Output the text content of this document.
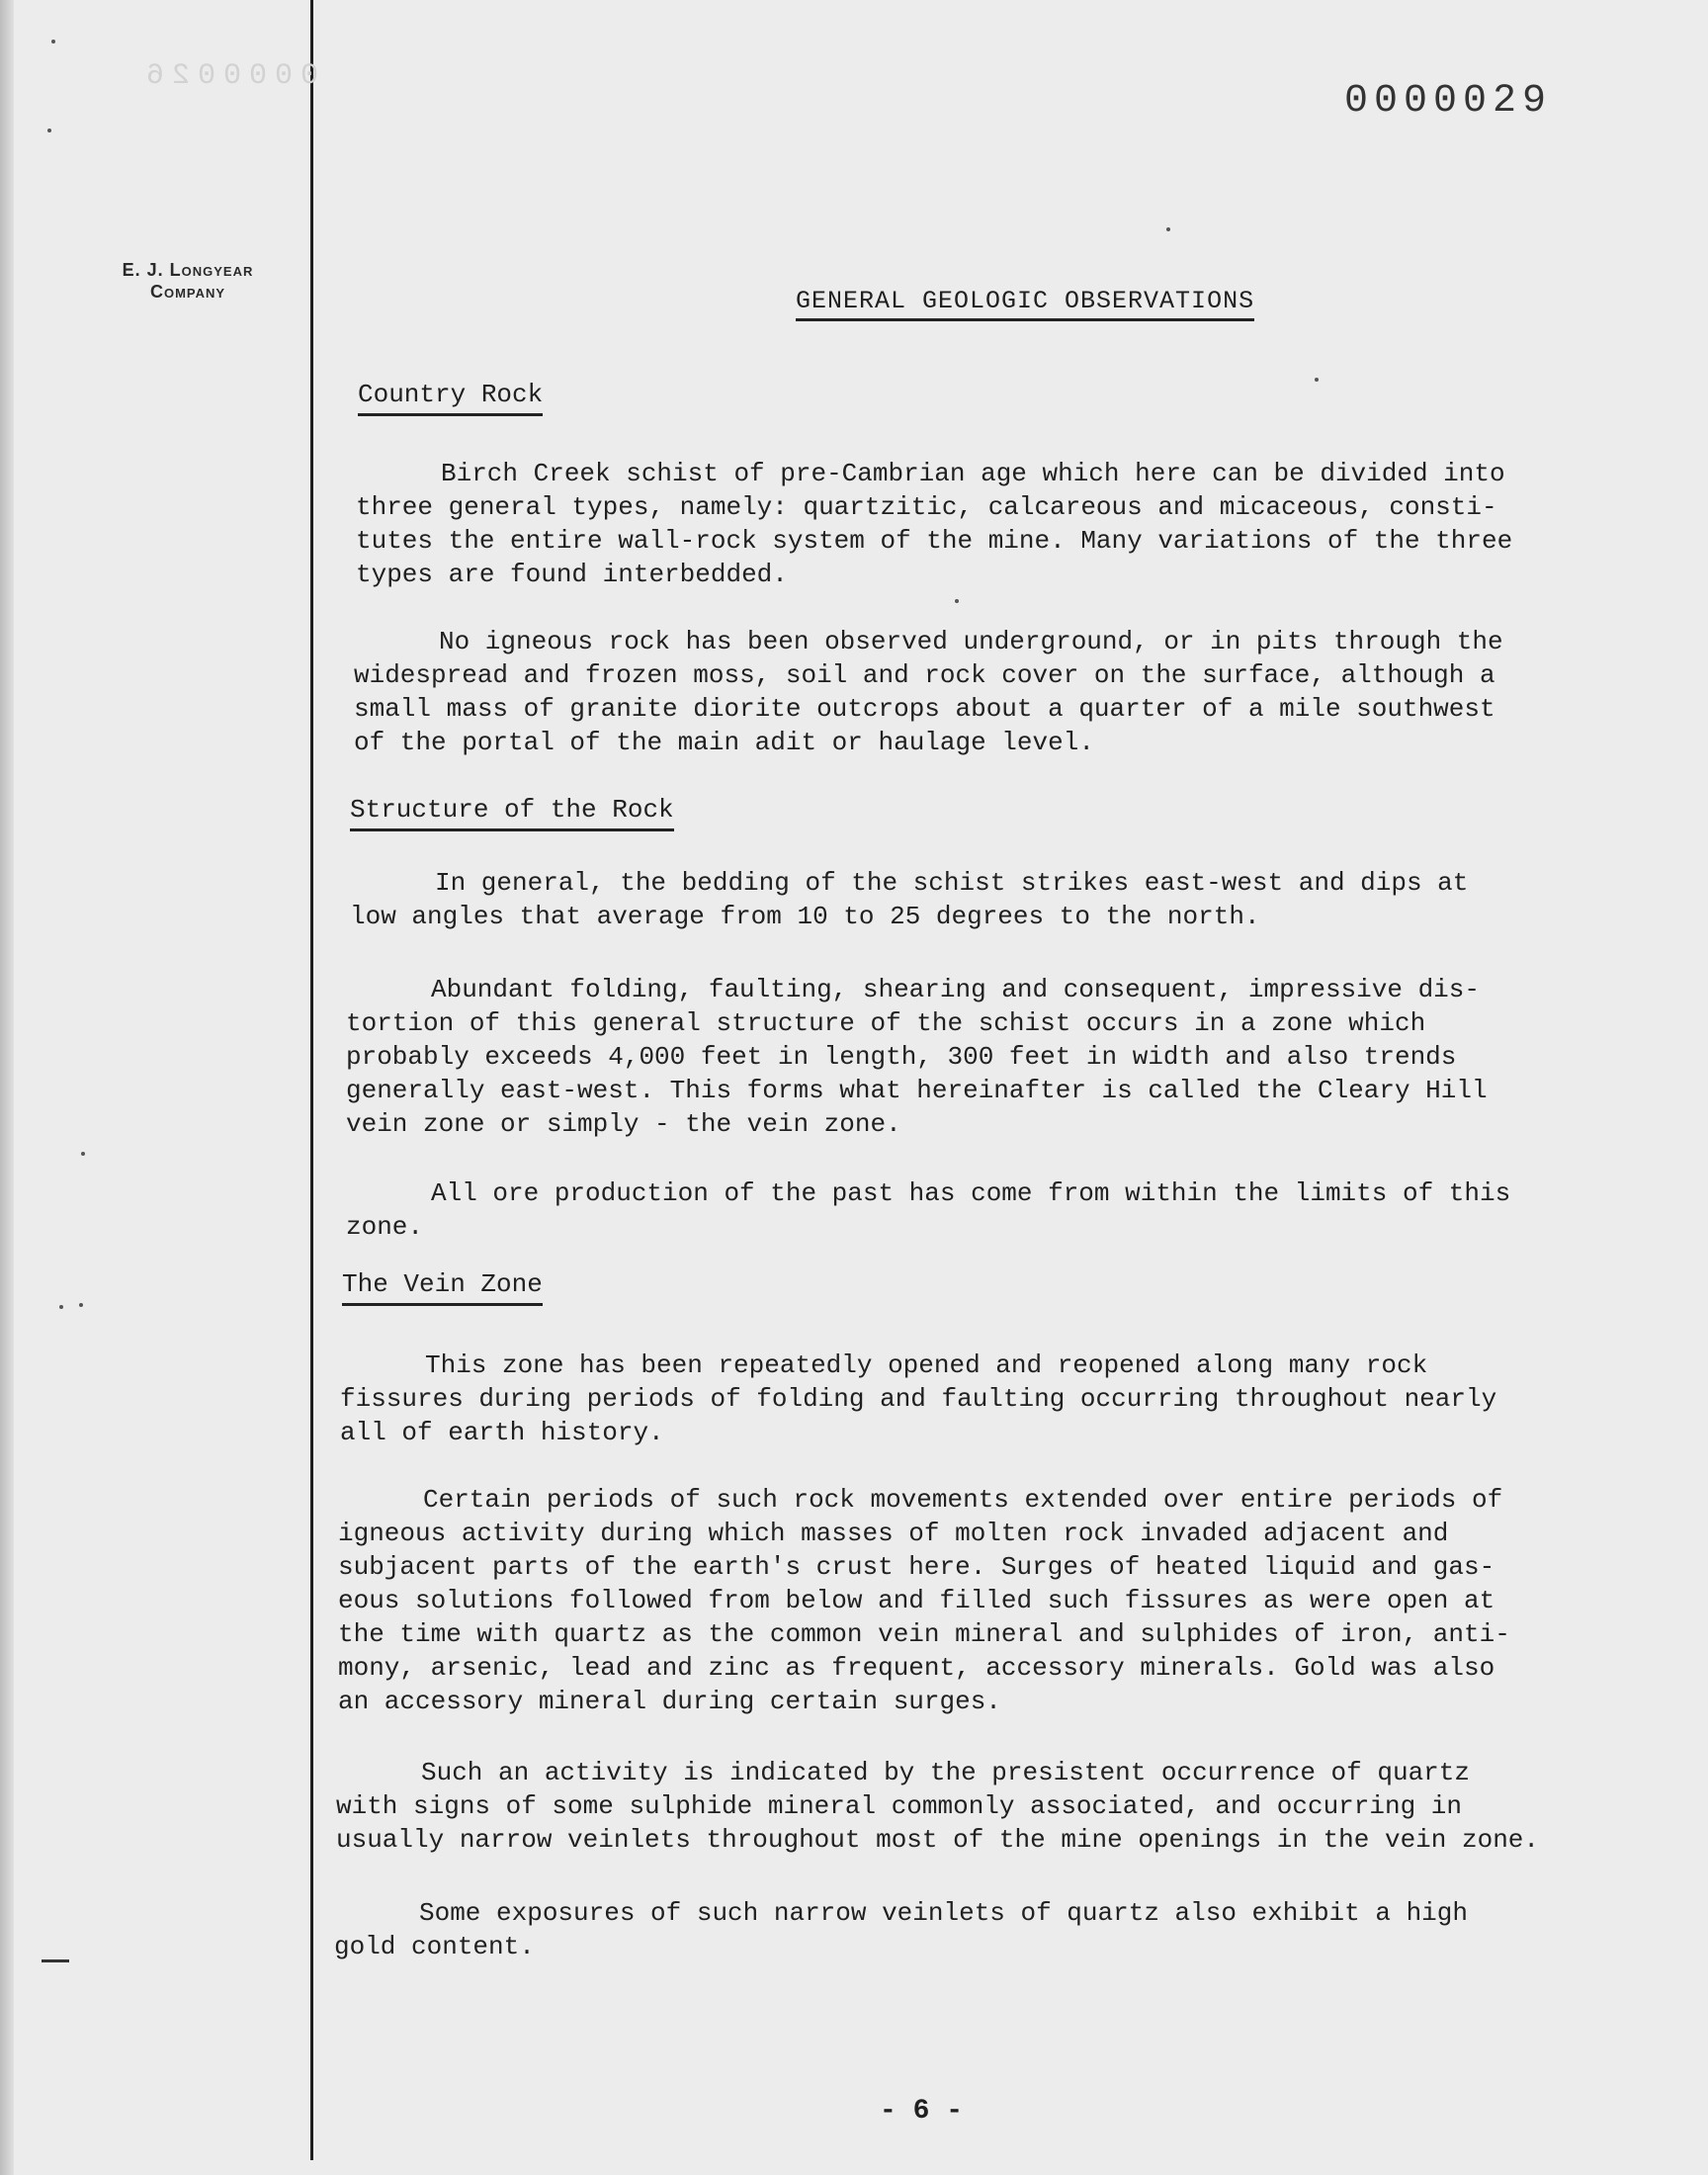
0000026
E. J. Longyear
Company
0000029
GENERAL GEOLOGIC OBSERVATIONS
Country Rock
Birch Creek schist of pre-Cambrian age which here can be divided into
three general types, namely: quartzitic, calcareous and micaceous, consti-
tutes the entire wall-rock system of the mine. Many variations of the three
types are found interbedded.
No igneous rock has been observed underground, or in pits through the
widespread and frozen moss, soil and rock cover on the surface, although a
small mass of granite diorite outcrops about a quarter of a mile southwest
of the portal of the main adit or haulage level.
Structure of the Rock
In general, the bedding of the schist strikes east-west and dips at
low angles that average from 10 to 25 degrees to the north.
Abundant folding, faulting, shearing and consequent, impressive dis-
tortion of this general structure of the schist occurs in a zone which
probably exceeds 4,000 feet in length, 300 feet in width and also trends
generally east-west. This forms what hereinafter is called the Cleary Hill
vein zone or simply - the vein zone.
All ore production of the past has come from within the limits of this
zone.
The Vein Zone
This zone has been repeatedly opened and reopened along many rock
fissures during periods of folding and faulting occurring throughout nearly
all of earth history.
Certain periods of such rock movements extended over entire periods of
igneous activity during which masses of molten rock invaded adjacent and
subjacent parts of the earth's crust here. Surges of heated liquid and gas-
eous solutions followed from below and filled such fissures as were open at
the time with quartz as the common vein mineral and sulphides of iron, anti-
mony, arsenic, lead and zinc as frequent, accessory minerals. Gold was also
an accessory mineral during certain surges.
Such an activity is indicated by the presistent occurrence of quartz
with signs of some sulphide mineral commonly associated, and occurring in
usually narrow veinlets throughout most of the mine openings in the vein zone.
Some exposures of such narrow veinlets of quartz also exhibit a high
gold content.
- 6 -
